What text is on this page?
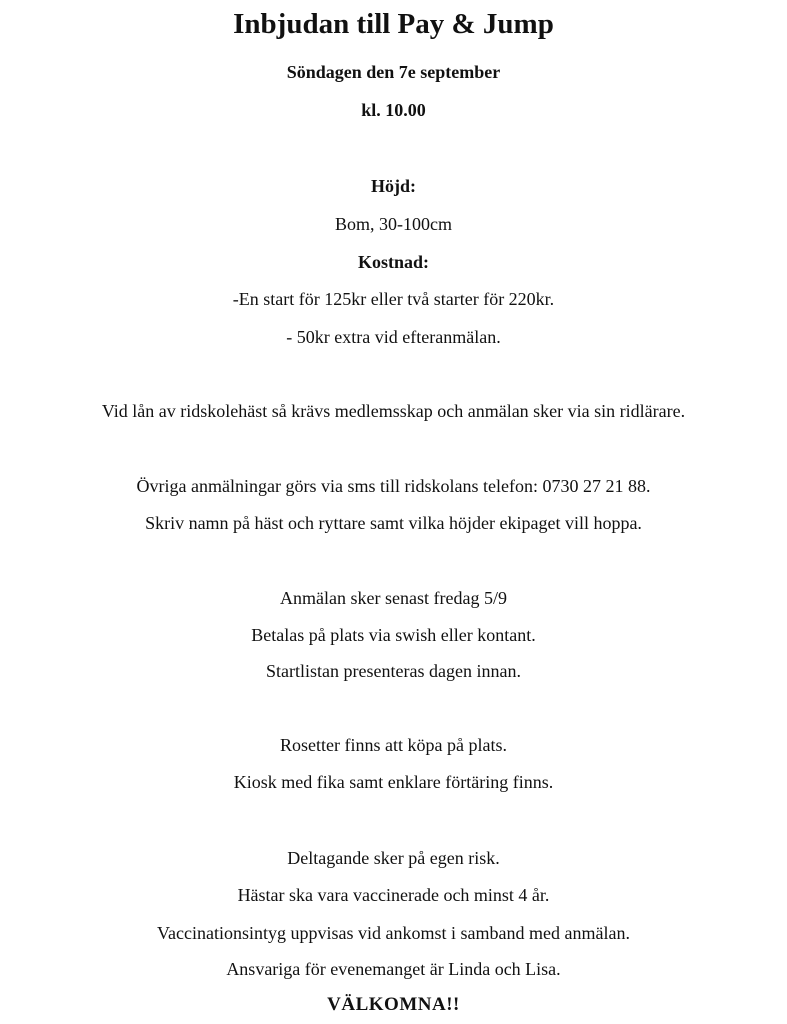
Inbjudan till Pay & Jump
Söndagen den 7e september
kl. 10.00
Höjd:
Bom, 30-100cm
Kostnad:
-En start för 125kr eller två starter för 220kr.
- 50kr extra vid efteranmälan.
Vid lån av ridskolehäst så krävs medlemsskap och anmälan sker via sin ridlärare.
Övriga anmälningar görs via sms till ridskolans telefon: 0730 27 21 88.
Skriv namn på häst och ryttare samt vilka höjder ekipaget vill hoppa.
Anmälan sker senast fredag 5/9
Betalas på plats via swish eller kontant.
Startlistan presenteras dagen innan.
Rosetter finns att köpa på plats.
Kiosk med fika samt enklare förtäring finns.
Deltagande sker på egen risk.
Hästar ska vara vaccinerade och minst 4 år.
Vaccinationsintyg uppvisas vid ankomst i samband med anmälan.
Ansvariga för evenemanget är Linda och Lisa.
VÄLKOMNA!!
